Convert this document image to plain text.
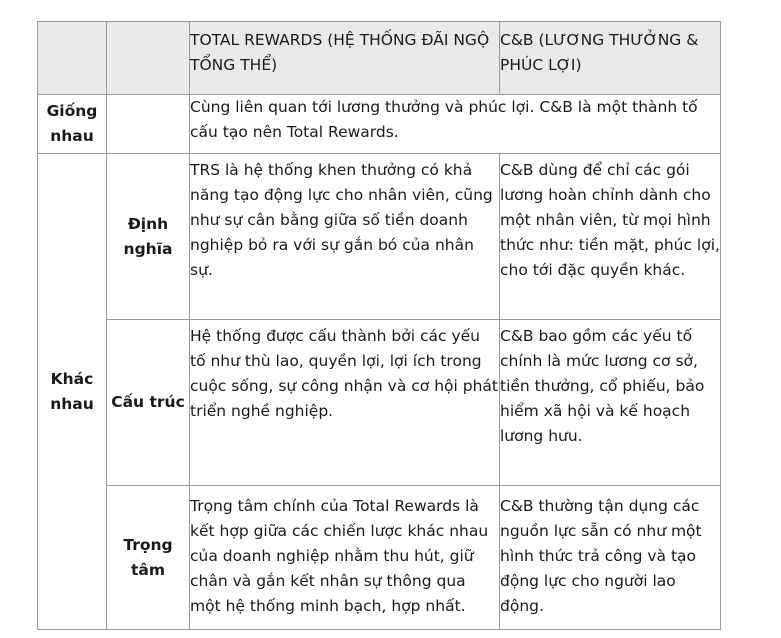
		TOTAL REWARDS (HỆ THỐNG ĐÃI NGỘ TỔNG THỂ)	C&B (LƯƠNG THƯỞNG & PHÚC LỢI)
Giống nhau		Cùng liên quan tới lương thưởng và phúc lợi. C&B là một thành tố cấu tạo nên Total Rewards.	
Khác nhau	Định nghĩa	TRS là hệ thống khen thưởng có khả năng tạo động lực cho nhân viên, cũng như sự cân bằng giữa số tiền doanh nghiệp bỏ ra với sự gắn bó của nhân sự.	C&B dùng để chỉ các gói lương hoàn chỉnh dành cho một nhân viên, từ mọi hình thức như: tiền mặt, phúc lợi, cho tới đặc quyền khác.
	Cấu trúc	Hệ thống được cấu thành bởi các yếu tố như thù lao, quyền lợi, lợi ích trong cuộc sống, sự công nhận và cơ hội phát triển nghề nghiệp.	C&B bao gồm các yếu tố chính là mức lương cơ sở, tiền thưởng, cổ phiếu, bảo hiểm xã hội và kế hoạch lương hưu.
	Trọng tâm	Trọng tâm chính của Total Rewards là kết hợp giữa các chiến lược khác nhau của doanh nghiệp nhằm thu hút, giữ chân và gắn kết nhân sự thông qua một hệ thống minh bạch, hợp nhất.	C&B thường tận dụng các nguồn lực sẵn có như một hình thức trả công và tạo động lực cho người lao động.
